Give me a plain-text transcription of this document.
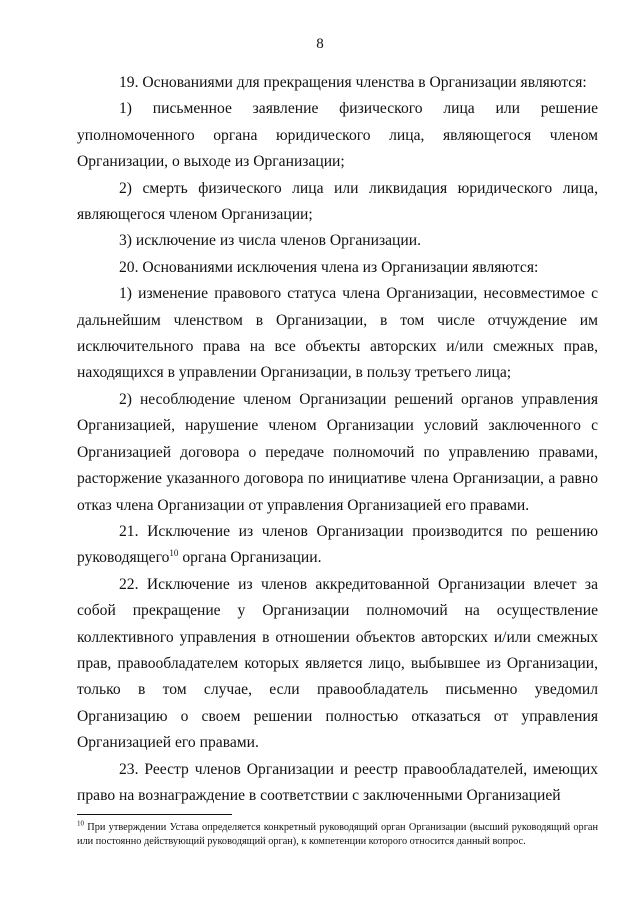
8

19. Основаниями для прекращения членства в Организации являются:

1) письменное заявление физического лица или решение уполномоченного органа юридического лица, являющегося членом Организации, о выходе из Организации;

2) смерть физического лица или ликвидация юридического лица, являющегося членом Организации;

3) исключение из числа членов Организации.

20. Основаниями исключения члена из Организации являются:

1) изменение правового статуса члена Организации, несовместимое с дальнейшим членством в Организации, в том числе отчуждение им исключительного права на все объекты авторских и/или смежных прав, находящихся в управлении Организации, в пользу третьего лица;

2) несоблюдение членом Организации решений органов управления Организацией, нарушение членом Организации условий заключенного с Организацией договора о передаче полномочий по управлению правами, расторжение указанного договора по инициативе члена Организации, а равно отказ члена Организации от управления Организацией его правами.

21. Исключение из членов Организации производится по решению руководящего$^{10}$ органа Организации.

22. Исключение из членов аккредитованной Организации влечет за собой прекращение у Организации полномочий на осуществление коллективного управления в отношении объектов авторских и/или смежных прав, правообладателем которых является лицо, выбывшее из Организации, только в том случае, если правообладатель письменно уведомил Организацию о своем решении полностью отказаться от управления Организацией его правами.

23. Реестр членов Организации и реестр правообладателей, имеющих право на вознаграждение в соответствии с заключенными Организацией

$^{10}$ При утверждении Устава определяется конкретный руководящий орган Организации (высший руководящий орган или постоянно действующий руководящий орган), к компетенции которого относится данный вопрос.
